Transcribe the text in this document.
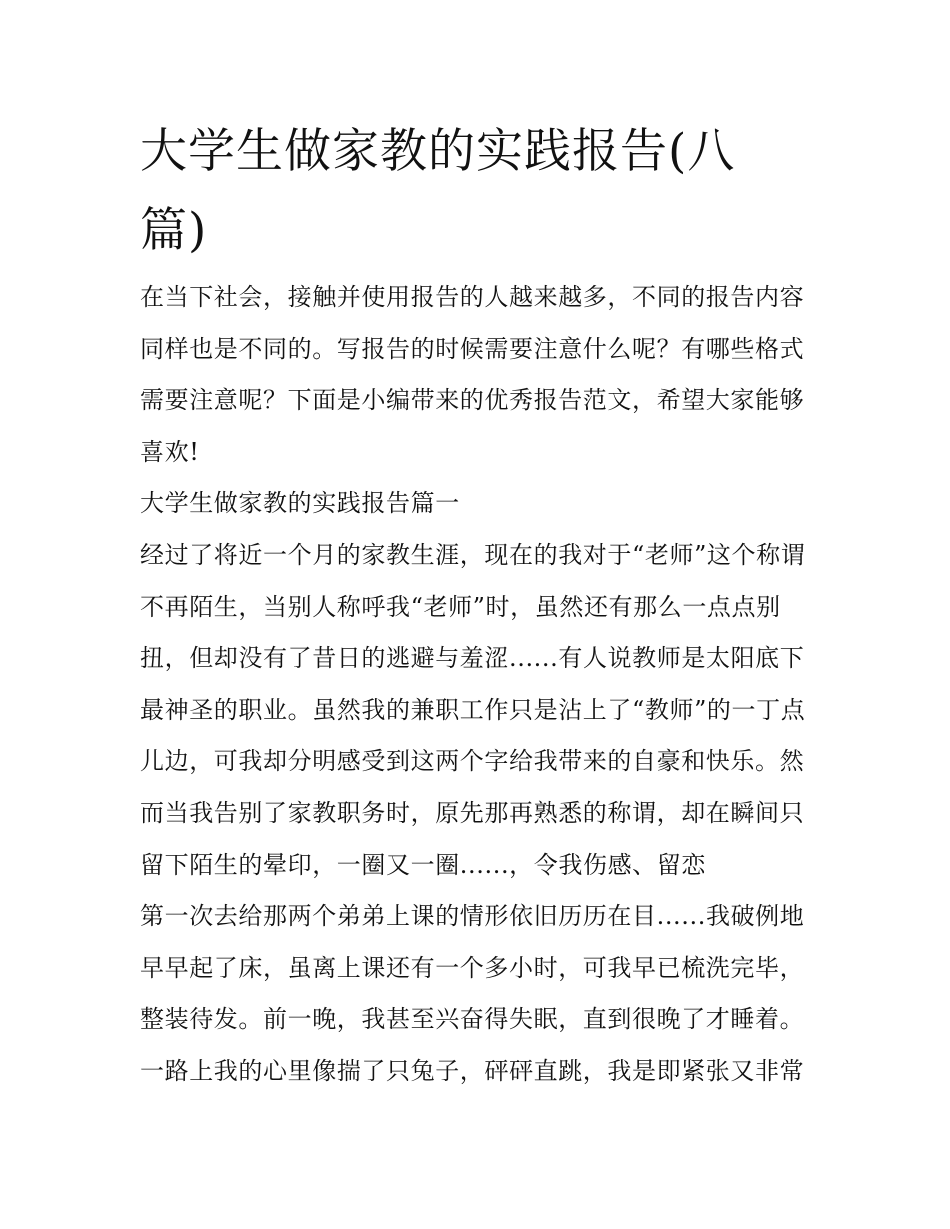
大学生做家教的实践报告(八
篇)
在当下社会，接触并使用报告的人越来越多，不同的报告内容
同样也是不同的。写报告的时候需要注意什么呢？有哪些格式
需要注意呢？下面是小编带来的优秀报告范文，希望大家能够
喜欢!
大学生做家教的实践报告篇一
经过了将近一个月的家教生涯，现在的我对于“老师”这个称谓
不再陌生，当别人称呼我“老师”时，虽然还有那么一点点别
扭，但却没有了昔日的逃避与羞涩......有人说教师是太阳底下
最神圣的职业。虽然我的兼职工作只是沾上了“教师”的一丁点
儿边，可我却分明感受到这两个字给我带来的自豪和快乐。然
而当我告别了家教职务时，原先那再熟悉的称谓，却在瞬间只
留下陌生的晕印，一圈又一圈......，令我伤感、留恋
第一次去给那两个弟弟上课的情形依旧历历在目......我破例地
早早起了床，虽离上课还有一个多小时，可我早已梳洗完毕，
整装待发。前一晚，我甚至兴奋得失眠，直到很晚了才睡着。
一路上我的心里像揣了只兔子，砰砰直跳，我是即紧张又非常
